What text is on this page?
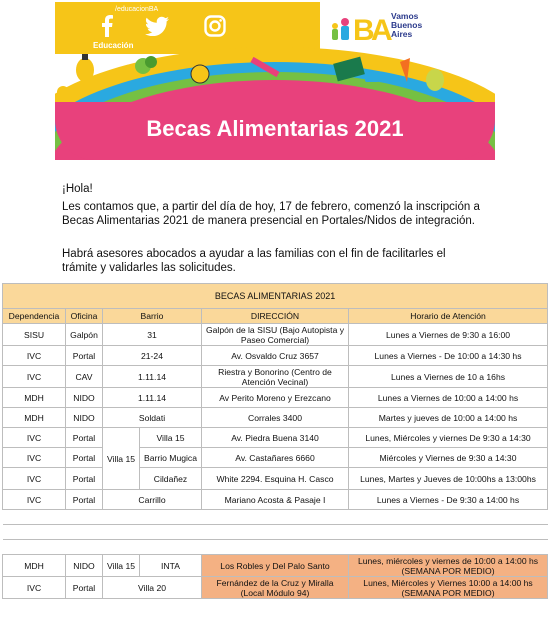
/educacionBA
Educación	B
A
Vamos
Buenos
Aires
Becas Alimentarias 2021
¡Hola!
Les contamos que, a partir del día de hoy, 17 de febrero, comenzó la inscripción a Becas Alimentarias 2021 de manera presencial en Portales/Nidos de integración.
Habrá asesores abocados a ayudar a las familias con el fin de facilitarles el trámite y validarles las solicitudes.
BECAS ALIMENTARIAS 2021					
Dependencia	Oficina	Barrio		DIRECCIÓN	Horario de Atención
SISU	Galpón	31		Galpón de la SISU (Bajo Autopista y Paseo Comercial)	Lunes a Viernes de 9:30 a 16:00
IVC	Portal	21-24		Av. Osvaldo Cruz 3657	Lunes a Viernes - De 10:00 a 14:30 hs
IVC	CAV	1.11.14		Riestra y Bonorino (Centro de Atención Vecinal)	Lunes a Viernes de 10 a 16hs
MDH	NIDO	1.11.14		Av Perito Moreno y Erezcano	Lunes a Viernes de 10:00 a 14:00 hs
MDH	NIDO	Soldati		Corrales 3400	Martes y jueves de 10:00 a 14:00 hs
IVC	Portal	Villa 15	Villa 15	Av. Piedra Buena 3140	Lunes, Miércoles y viernes De 9:30 a 14:30
IVC	Portal		Barrio Mugica	Av. Castañares 6660	Miércoles y Viernes de 9:30 a 14:30
IVC	Portal		Cildañez	White 2294. Esquina H. Casco	Lunes, Martes y Jueves de 10:00hs a 13:00hs
IVC	Portal	Carrillo		Mariano Acosta & Pasaje I	Lunes a Viernes - De 9:30 a 14:00 hs

MDH	NIDO	Villa 15	INTA	Los Robles y Del Palo Santo	Lunes, miércoles y viernes de 10:00 a 14:00 hs (SEMANA POR MEDIO)
IVC	Portal	Villa 20		Fernández de la Cruz y Miralla (Local Módulo 94)	Lunes, Miércoles y Viernes 10:00 a 14:00 hs (SEMANA POR MEDIO)
